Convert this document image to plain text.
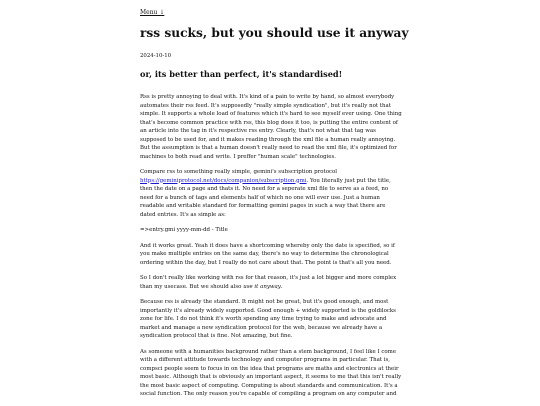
Menu ↓
rss sucks, but you should use it anyway
2024-10-10
or, its better than perfect, it's standardised!

Rss is pretty annoying to deal with. It's kind of a pain to write by hand, so almost everybody automates their rss feed. It's supposedly "really simple syndication", but it's really not that simple. It supports a whole load of features which it's hard to see myself ever using. One thing that's become common practice with rss, this blog does it too, is putting the entire content of an article into the tag in it's respective rss entry. Clearly, that's not what that tag was supposed to be used for, and it makes reading through the xml file a human really annoying. But the assumption is that a human doesn't really need to read the xml file, it's optimized for machines to both read and write. I preffer "human scale" technologies.

Compare rss to something really simple, gemini's subscription protocol https://geminiprotocol.net/docs/companion/subscription.gmi. You literally just put the title, then the date on a page and thats it. No need for a seperate xml file to serve as a feed, no need for a bunch of tags and elements half of which no one will ever use. Just a human readable and writable standard for formatting gemini pages in such a way that there are dated entries. It's as simple as:

=>entry.gmi yyyy-mm-dd - Title

And it works great. Yeah it does have a shortcoming whereby only the date is specified, so if you make multiple entries on the same day, there's no way to determine the chronological ordering within the day, but I really do not care about that. The point is that's all you need.

So I don't really like working with rss for that reason, it's just a lot bigger and more complex than my usecase. But we should also use it anyway.

Because rss is already the standard. It might not be great, but it's good enough, and most importantly it's already widely supported. Good enough + widely supported is the goldilocks zone for life. I do not think it's worth spending any time trying to make and advocate and market and manage a new syndication protocol for the web, because we already have a syndication protocol that is fine. Not amazing, but fine.

As someone with a humanities background rather than a stem background, I feel like I come with a different attitude towards technology and computer programs in particular. That is, compsci people seem to focus in on the idea that programs are maths and electronics at their most basic. Although that is obviously an important aspect, it seems to me that this isn't really the most basic aspect of computing. Computing is about standards and communication. It's a social function. The only reason you're capable of compiling a program on any computer and
